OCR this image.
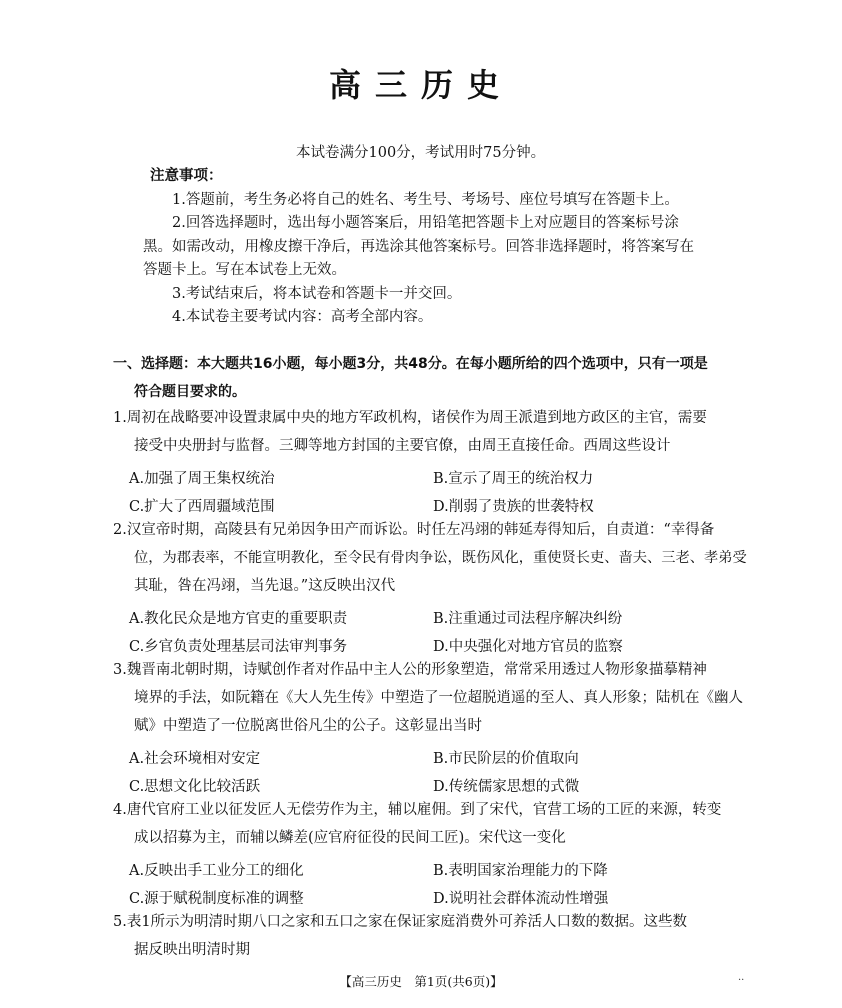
高三历史
本试卷满分100分，考试用时75分钟。
注意事项：
1.答题前，考生务必将自己的姓名、考生号、考场号、座位号填写在答题卡上。
2.回答选择题时，选出每小题答案后，用铅笔把答题卡上对应题目的答案标号涂
黑。如需改动，用橡皮擦干净后，再选涂其他答案标号。回答非选择题时，将答案写在
答题卡上。写在本试卷上无效。
3.考试结束后，将本试卷和答题卡一并交回。
4.本试卷主要考试内容：高考全部内容。
一、选择题：本大题共16小题，每小题3分，共48分。在每小题所给的四个选项中，只有一项是
符合题目要求的。
1.周初在战略要冲设置隶属中央的地方军政机构，诸侯作为周王派遣到地方政区的主官，需要
接受中央册封与监督。三卿等地方封国的主要官僚，由周王直接任命。西周这些设计
A.加强了周王集权统治	B.宣示了周王的统治权力
C.扩大了西周疆域范围	D.削弱了贵族的世袭特权
2.汉宣帝时期，高陵县有兄弟因争田产而诉讼。时任左冯翊的韩延寿得知后，自责道：“幸得备
位，为郡表率，不能宣明教化，至令民有骨肉争讼，既伤风化，重使贤长吏、啬夫、三老、孝弟受
其耻，咎在冯翊，当先退。”这反映出汉代
A.教化民众是地方官吏的重要职责	B.注重通过司法程序解决纠纷
C.乡官负责处理基层司法审判事务	D.中央强化对地方官员的监察
3.魏晋南北朝时期，诗赋创作者对作品中主人公的形象塑造，常常采用透过人物形象描摹精神
境界的手法，如阮籍在《大人先生传》中塑造了一位超脱逍遥的至人、真人形象；陆机在《幽人
赋》中塑造了一位脱离世俗凡尘的公子。这彰显出当时
A.社会环境相对安定	B.市民阶层的价值取向
C.思想文化比较活跃	D.传统儒家思想的式微
4.唐代官府工业以征发匠人无偿劳作为主，辅以雇佣。到了宋代，官营工场的工匠的来源，转变
成以招募为主，而辅以鳞差(应官府征役的民间工匠)。宋代这一变化
A.反映出手工业分工的细化	B.表明国家治理能力的下降
C.源于赋税制度标准的调整	D.说明社会群体流动性增强
5.表1所示为明清时期八口之家和五口之家在保证家庭消费外可养活人口数的数据。这些数
据反映出明清时期
【高三历史　第1页(共6页)】	··
